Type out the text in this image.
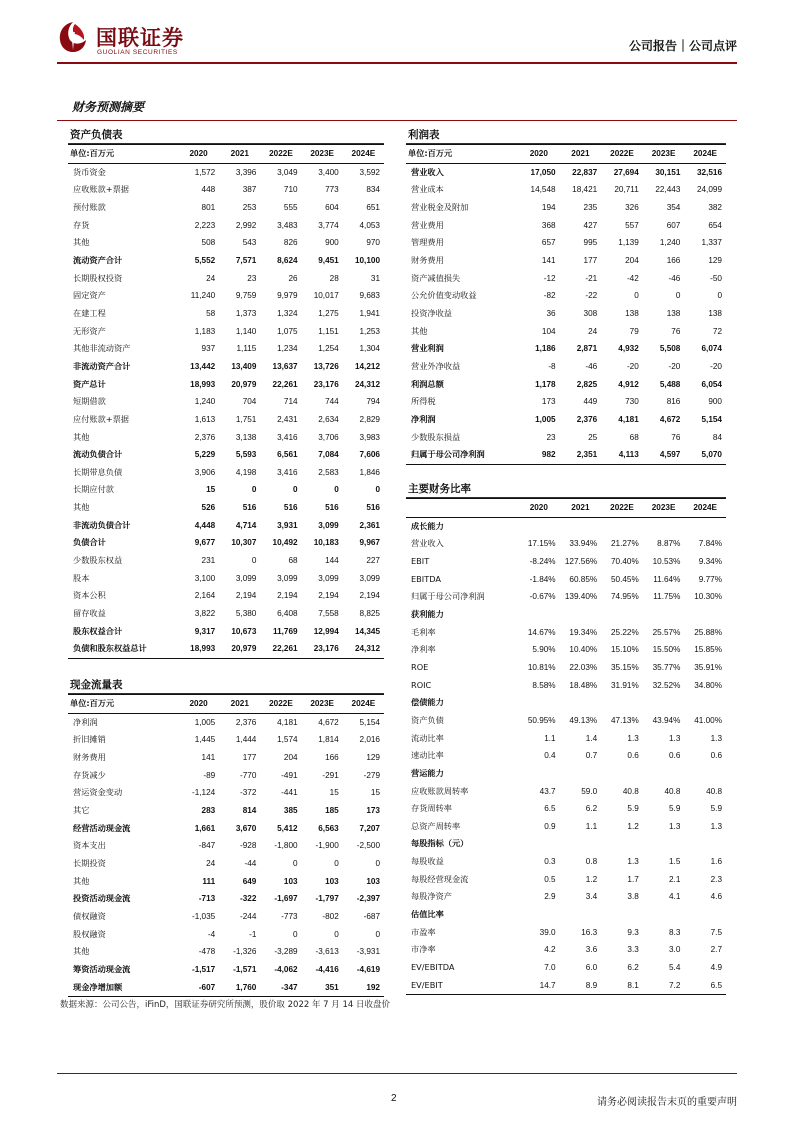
国联证券
GUOLIAN SECURITIES	公司报告｜公司点评
财务预测摘要
资产负债表
单位:百万元	2020	2021	2022E	2023E	2024E
货币资金	1,572	3,396	3,049	3,400	3,592
应收账款+票据	448	387	710	773	834
预付账款	801	253	555	604	651
存货	2,223	2,992	3,483	3,774	4,053
其他	508	543	826	900	970
流动资产合计	5,552	7,571	8,624	9,451	10,100
长期股权投资	24	23	26	28	31
固定资产	11,240	9,759	9,979	10,017	9,683
在建工程	58	1,373	1,324	1,275	1,941
无形资产	1,183	1,140	1,075	1,151	1,253
其他非流动资产	937	1,115	1,234	1,254	1,304
非流动资产合计	13,442	13,409	13,637	13,726	14,212
资产总计	18,993	20,979	22,261	23,176	24,312
短期借款	1,240	704	714	744	794
应付账款+票据	1,613	1,751	2,431	2,634	2,829
其他	2,376	3,138	3,416	3,706	3,983
流动负债合计	5,229	5,593	6,561	7,084	7,606
长期带息负债	3,906	4,198	3,416	2,583	1,846
长期应付款	15	0	0	0	0
其他	526	516	516	516	516
非流动负债合计	4,448	4,714	3,931	3,099	2,361
负债合计	9,677	10,307	10,492	10,183	9,967
少数股东权益	231	0	68	144	227
股本	3,100	3,099	3,099	3,099	3,099
资本公积	2,164	2,194	2,194	2,194	2,194
留存收益	3,822	5,380	6,408	7,558	8,825
股东权益合计	9,317	10,673	11,769	12,994	14,345
负债和股东权益总计	18,993	20,979	22,261	23,176	24,312
利润表
单位:百万元	2020	2021	2022E	2023E	2024E
营业收入	17,050	22,837	27,694	30,151	32,516
营业成本	14,548	18,421	20,711	22,443	24,099
营业税金及附加	194	235	326	354	382
营业费用	368	427	557	607	654
管理费用	657	995	1,139	1,240	1,337
财务费用	141	177	204	166	129
资产减值损失	-12	-21	-42	-46	-50
公允价值变动收益	-82	-22	0	0	0
投资净收益	36	308	138	138	138
其他	104	24	79	76	72
营业利润	1,186	2,871	4,932	5,508	6,074
营业外净收益	-8	-46	-20	-20	-20
利润总额	1,178	2,825	4,912	5,488	6,054
所得税	173	449	730	816	900
净利润	1,005	2,376	4,181	4,672	5,154
少数股东损益	23	25	68	76	84
归属于母公司净利润	982	2,351	4,113	4,597	5,070
主要财务比率
	2020	2021	2022E	2023E	2024E
成长能力					
营业收入	17.15%	33.94%	21.27%	8.87%	7.84%
EBIT	-8.24%	127.56%	70.40%	10.53%	9.34%
EBITDA	-1.84%	60.85%	50.45%	11.64%	9.77%
归属于母公司净利润	-0.67%	139.40%	74.95%	11.75%	10.30%
获利能力					
毛利率	14.67%	19.34%	25.22%	25.57%	25.88%
净利率	5.90%	10.40%	15.10%	15.50%	15.85%
ROE	10.81%	22.03%	35.15%	35.77%	35.91%
ROIC	8.58%	18.48%	31.91%	32.52%	34.80%
偿债能力					
资产负债	50.95%	49.13%	47.13%	43.94%	41.00%
流动比率	1.1	1.4	1.3	1.3	1.3
速动比率	0.4	0.7	0.6	0.6	0.6
营运能力					
应收账款周转率	43.7	59.0	40.8	40.8	40.8
存货周转率	6.5	6.2	5.9	5.9	5.9
总资产周转率	0.9	1.1	1.2	1.3	1.3
每股指标（元）					
每股收益	0.3	0.8	1.3	1.5	1.6
每股经营现金流	0.5	1.2	1.7	2.1	2.3
每股净资产	2.9	3.4	3.8	4.1	4.6
估值比率					
市盈率	39.0	16.3	9.3	8.3	7.5
市净率	4.2	3.6	3.3	3.0	2.7
EV/EBITDA	7.0	6.0	6.2	5.4	4.9
EV/EBIT	14.7	8.9	8.1	7.2	6.5
现金流量表
单位:百万元	2020	2021	2022E	2023E	2024E
净利润	1,005	2,376	4,181	4,672	5,154
折旧摊销	1,445	1,444	1,574	1,814	2,016
财务费用	141	177	204	166	129
存货减少	-89	-770	-491	-291	-279
营运资金变动	-1,124	-372	-441	15	15
其它	283	814	385	185	173
经营活动现金流	1,661	3,670	5,412	6,563	7,207
资本支出	-847	-928	-1,800	-1,900	-2,500
长期投资	24	-44	0	0	0
其他	111	649	103	103	103
投资活动现金流	-713	-322	-1,697	-1,797	-2,397
债权融资	-1,035	-244	-773	-802	-687
股权融资	-4	-1	0	0	0
其他	-478	-1,326	-3,289	-3,613	-3,931
筹资活动现金流	-1,517	-1,571	-4,062	-4,416	-4,619
现金净增加额	-607	1,760	-347	351	192
数据来源：公司公告，iFinD，国联证券研究所预测，股价取 2022 年 7 月 14 日收盘价
2	请务必阅读报告末页的重要声明
